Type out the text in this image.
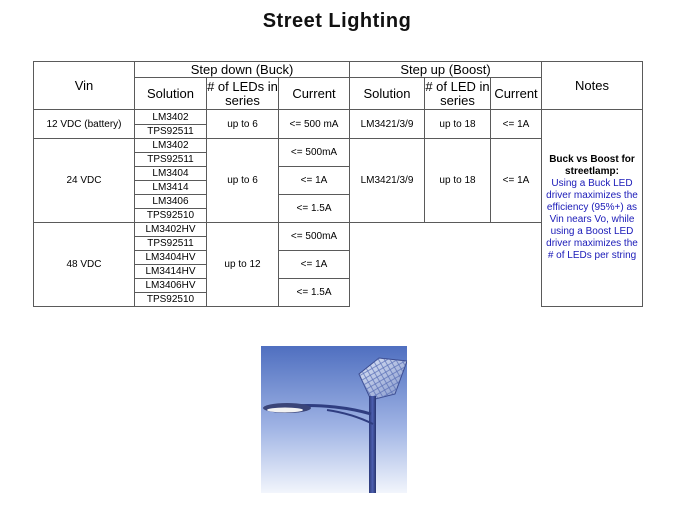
Street Lighting
Vin	Step down (Buck)			Step up (Boost)			Notes
	Solution	# of LEDs in series	Current	Solution	# of LED in series	Current	
12 VDC (battery)	LM3402	up to 6	<= 500 mA	LM3421/3/9	up to 18	<= 1A	Buck vs Boost for streetlamp:
Using a Buck LED driver maximizes the efficiency (95%+) as Vin nears Vo, while using a Boost LED driver maximizes the # of LEDs per string

	TPS92511						
24 VDC	LM3402	up to 6	<= 500mA	LM3421/3/9	up to 18	<= 1A	
	TPS92511						
	LM3404		<= 1A				
	LM3414						
	LM3406		<= 1.5A				
	TPS92510						
48 VDC	LM3402HV	up to 12	<= 500mA				
	TPS92511						
	LM3404HV		<= 1A				
	LM3414HV						
	LM3406HV		<= 1.5A				
	TPS92510						
